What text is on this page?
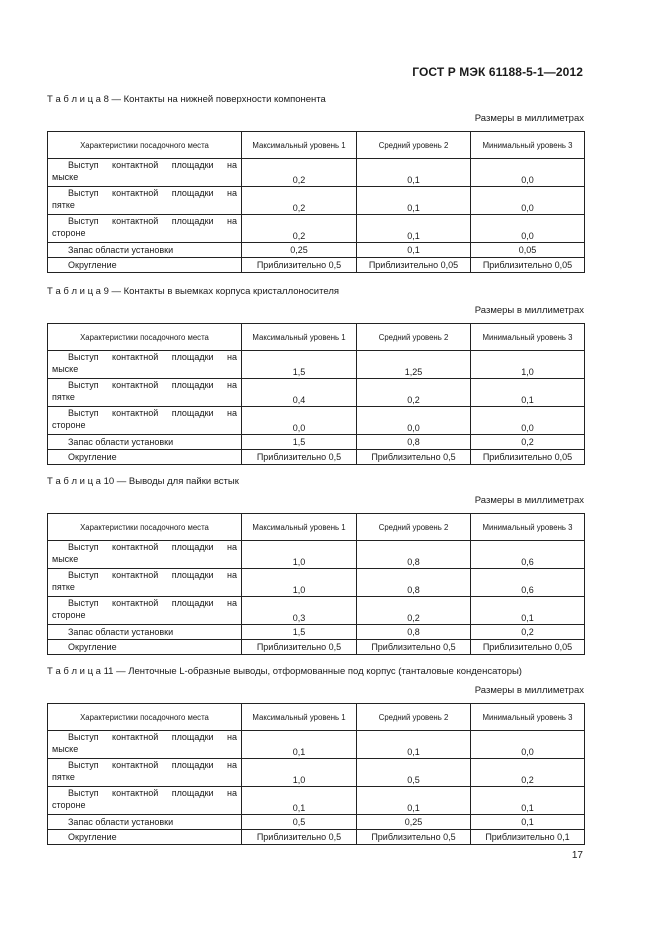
ГОСТ Р МЭК 61188-5-1—2012
Т а б л и ц а 8 — Контакты на нижней поверхности компонента
Размеры в миллиметрах
Характеристики посадочного места	Максимальный уровень 1	Средний уровень 2	Минимальный уровень 3

Выступ контактной площадки на
мыске	0,2	0,1	0,0

Выступ контактной площадки на
пятке	0,2	0,1	0,0

Выступ контактной площадки на
стороне	0,2	0,1	0,0
Запас области установки	0,25	0,1	0,05
Округление	Приблизительно 0,5	Приблизительно 0,05	Приблизительно 0,05
Т а б л и ц а 9 — Контакты в выемках корпуса кристаллоносителя
Размеры в миллиметрах
Характеристики посадочного места	Максимальный уровень 1	Средний уровень 2	Минимальный уровень 3

Выступ контактной площадки на
мыске	1,5	1,25	1,0

Выступ контактной площадки на
пятке	0,4	0,2	0,1

Выступ контактной площадки на
стороне	0,0	0,0	0,0
Запас области установки	1,5	0,8	0,2
Округление	Приблизительно 0,5	Приблизительно 0,5	Приблизительно 0,05
Т а б л и ц а 10 — Выводы для пайки встык
Размеры в миллиметрах
Характеристики посадочного места	Максимальный уровень 1	Средний уровень 2	Минимальный уровень 3

Выступ контактной площадки на
мыске	1,0	0,8	0,6

Выступ контактной площадки на
пятке	1,0	0,8	0,6

Выступ контактной площадки на
стороне	0,3	0,2	0,1
Запас области установки	1,5	0,8	0,2
Округление	Приблизительно 0,5	Приблизительно 0,5	Приблизительно 0,05
Т а б л и ц а 11 — Ленточные L-образные выводы, отформованные под корпус (танталовые конденсаторы)
Размеры в миллиметрах
Характеристики посадочного места	Максимальный уровень 1	Средний уровень 2	Минимальный уровень 3

Выступ контактной площадки на
мыске	0,1	0,1	0,0

Выступ контактной площадки на
пятке	1,0	0,5	0,2

Выступ контактной площадки на
стороне	0,1	0,1	0,1
Запас области установки	0,5	0,25	0,1
Округление	Приблизительно 0,5	Приблизительно 0,5	Приблизительно 0,1
17
